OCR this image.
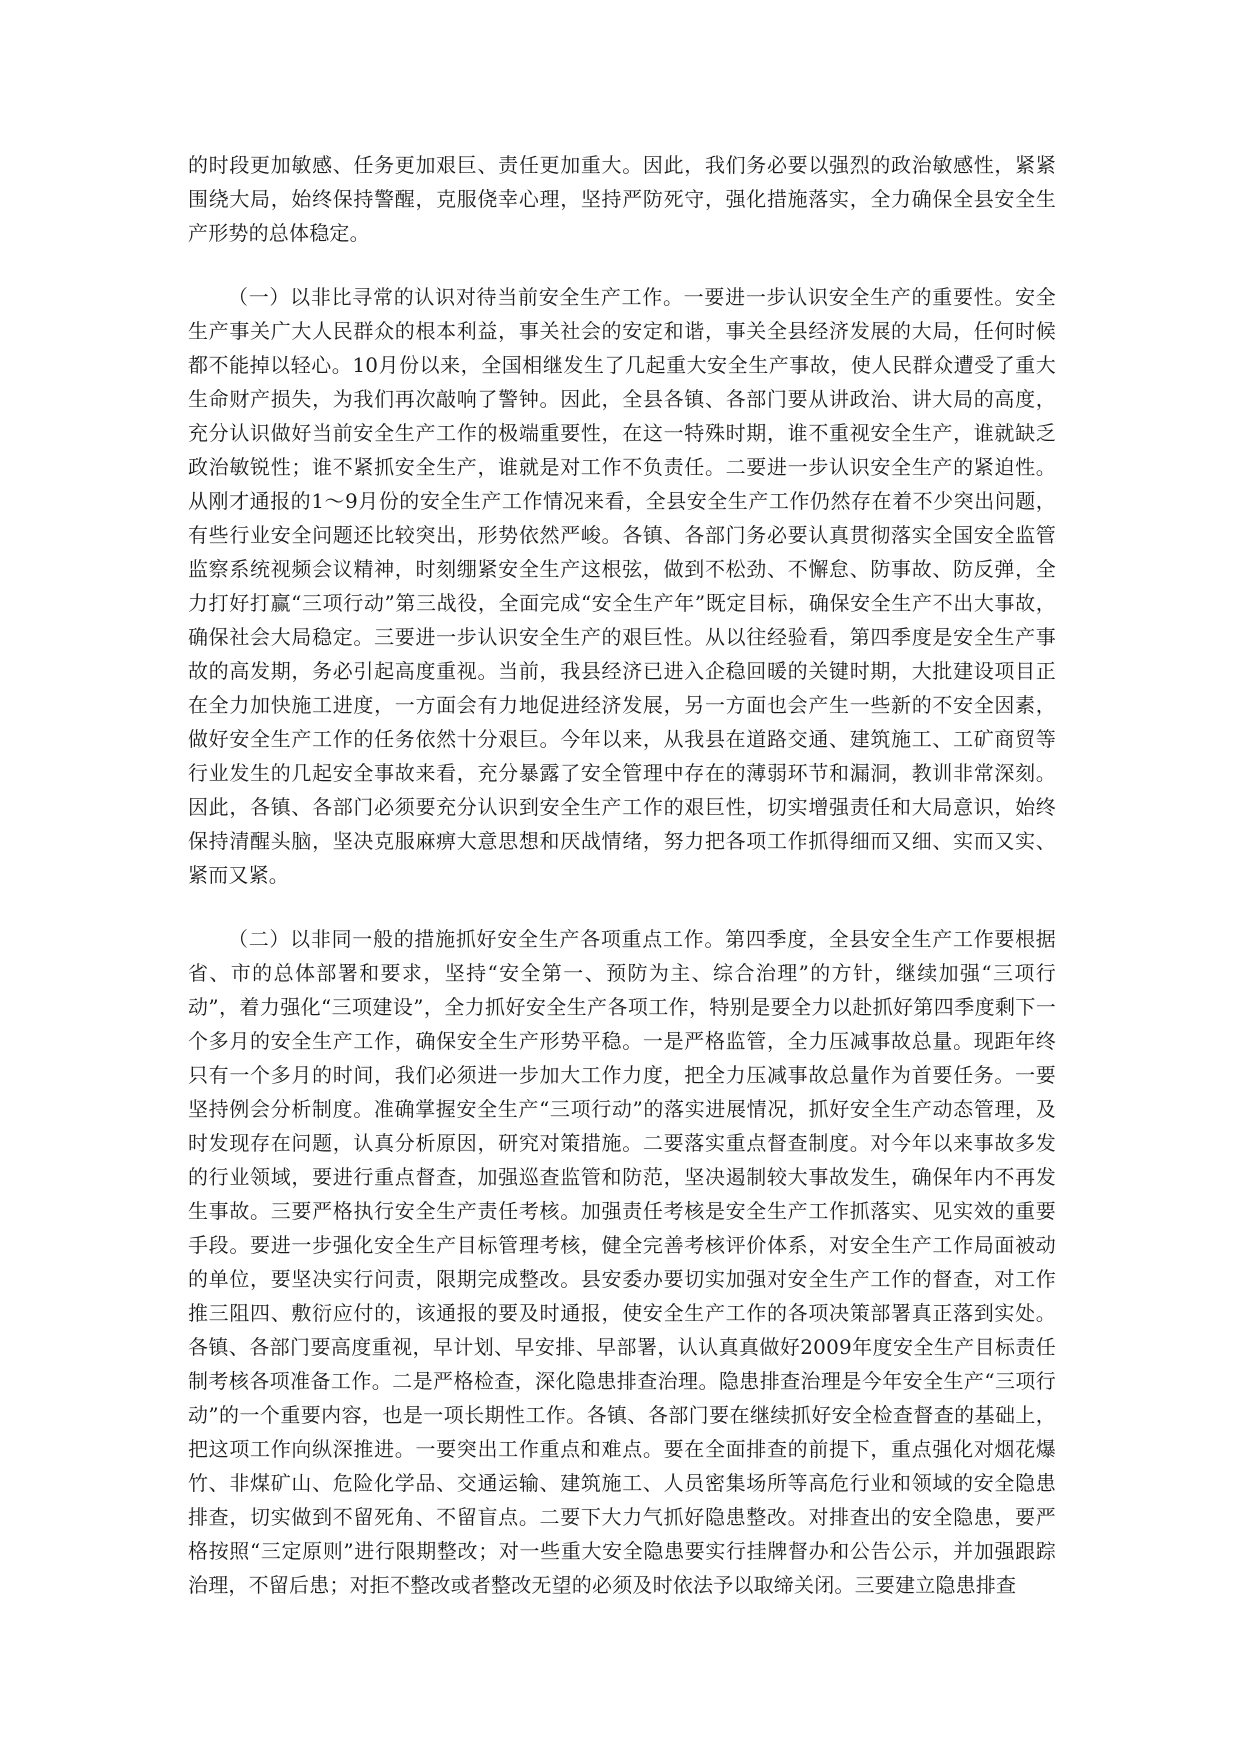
的时段更加敏感、任务更加艰巨、责任更加重大。因此，我们务必要以强烈的政治敏感性，紧紧围绕大局，始终保持警醒，克服侥幸心理，坚持严防死守，强化措施落实，全力确保全县安全生产形势的总体稳定。

（一）以非比寻常的认识对待当前安全生产工作。一要进一步认识安全生产的重要性。安全生产事关广大人民群众的根本利益，事关社会的安定和谐，事关全县经济发展的大局，任何时候都不能掉以轻心。10月份以来，全国相继发生了几起重大安全生产事故，使人民群众遭受了重大生命财产损失，为我们再次敲响了警钟。因此，全县各镇、各部门要从讲政治、讲大局的高度，充分认识做好当前安全生产工作的极端重要性，在这一特殊时期，谁不重视安全生产，谁就缺乏政治敏锐性；谁不紧抓安全生产，谁就是对工作不负责任。二要进一步认识安全生产的紧迫性。从刚才通报的1～9月份的安全生产工作情况来看，全县安全生产工作仍然存在着不少突出问题，有些行业安全问题还比较突出，形势依然严峻。各镇、各部门务必要认真贯彻落实全国安全监管监察系统视频会议精神，时刻绷紧安全生产这根弦，做到不松劲、不懈怠、防事故、防反弹，全力打好打赢“三项行动”第三战役，全面完成“安全生产年”既定目标，确保安全生产不出大事故，确保社会大局稳定。三要进一步认识安全生产的艰巨性。从以往经验看，第四季度是安全生产事故的高发期，务必引起高度重视。当前，我县经济已进入企稳回暖的关键时期，大批建设项目正在全力加快施工进度，一方面会有力地促进经济发展，另一方面也会产生一些新的不安全因素，做好安全生产工作的任务依然十分艰巨。今年以来，从我县在道路交通、建筑施工、工矿商贸等行业发生的几起安全事故来看，充分暴露了安全管理中存在的薄弱环节和漏洞，教训非常深刻。因此，各镇、各部门必须要充分认识到安全生产工作的艰巨性，切实增强责任和大局意识，始终保持清醒头脑，坚决克服麻痹大意思想和厌战情绪，努力把各项工作抓得细而又细、实而又实、紧而又紧。

（二）以非同一般的措施抓好安全生产各项重点工作。第四季度，全县安全生产工作要根据省、市的总体部署和要求，坚持“安全第一、预防为主、综合治理”的方针，继续加强“三项行动”，着力强化“三项建设”，全力抓好安全生产各项工作，特别是要全力以赴抓好第四季度剩下一个多月的安全生产工作，确保安全生产形势平稳。一是严格监管，全力压减事故总量。现距年终只有一个多月的时间，我们必须进一步加大工作力度，把全力压减事故总量作为首要任务。一要坚持例会分析制度。准确掌握安全生产“三项行动”的落实进展情况，抓好安全生产动态管理，及时发现存在问题，认真分析原因，研究对策措施。二要落实重点督查制度。对今年以来事故多发的行业领域，要进行重点督查，加强巡查监管和防范，坚决遏制较大事故发生，确保年内不再发生事故。三要严格执行安全生产责任考核。加强责任考核是安全生产工作抓落实、见实效的重要手段。要进一步强化安全生产目标管理考核，健全完善考核评价体系，对安全生产工作局面被动的单位，要坚决实行问责，限期完成整改。县安委办要切实加强对安全生产工作的督查，对工作推三阻四、敷衍应付的，该通报的要及时通报，使安全生产工作的各项决策部署真正落到实处。各镇、各部门要高度重视，早计划、早安排、早部署，认认真真做好2009年度安全生产目标责任制考核各项准备工作。二是严格检查，深化隐患排查治理。隐患排查治理是今年安全生产“三项行动”的一个重要内容，也是一项长期性工作。各镇、各部门要在继续抓好安全检查督查的基础上，把这项工作向纵深推进。一要突出工作重点和难点。要在全面排查的前提下，重点强化对烟花爆竹、非煤矿山、危险化学品、交通运输、建筑施工、人员密集场所等高危行业和领域的安全隐患排查，切实做到不留死角、不留盲点。二要下大力气抓好隐患整改。对排查出的安全隐患，要严格按照“三定原则”进行限期整改；对一些重大安全隐患要实行挂牌督办和公告公示，并加强跟踪治理，不留后患；对拒不整改或者整改无望的必须及时依法予以取缔关闭。三要建立隐患排查
